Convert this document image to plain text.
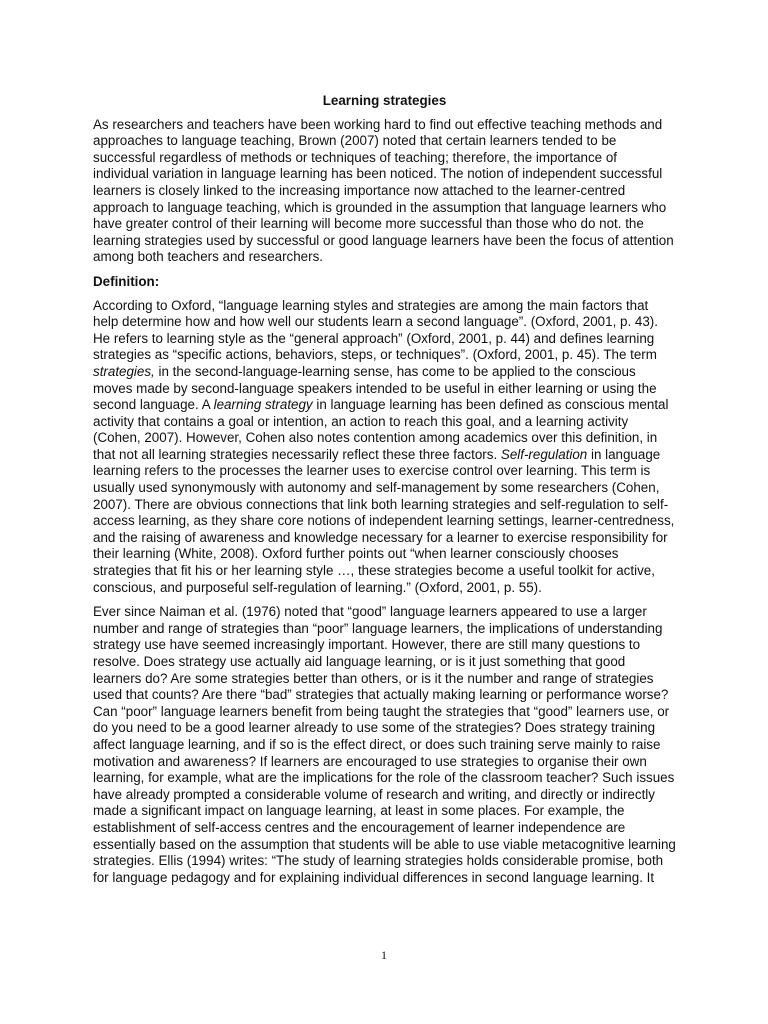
Learning strategies

As researchers and teachers have been working hard to find out effective teaching methods and approaches to language teaching, Brown (2007) noted that certain learners tended to be successful regardless of methods or techniques of teaching; therefore, the importance of individual variation in language learning has been noticed. The notion of independent successful learners is closely linked to the increasing importance now attached to the learner-centred approach to language teaching, which is grounded in the assumption that language learners who have greater control of their learning will become more successful than those who do not. the learning strategies used by successful or good language learners have been the focus of attention among both teachers and researchers.

Definition:

According to Oxford, “language learning styles and strategies are among the main factors that help determine how and how well our students learn a second language”. (Oxford, 2001, p. 43). He refers to learning style as the “general approach” (Oxford, 2001, p. 44) and defines learning strategies as “specific actions, behaviors, steps, or techniques”. (Oxford, 2001, p. 45). The term strategies, in the second-language-learning sense, has come to be applied to the conscious moves made by second-language speakers intended to be useful in either learning or using the second language. A learning strategy in language learning has been defined as conscious mental activity that contains a goal or intention, an action to reach this goal, and a learning activity (Cohen, 2007). However, Cohen also notes contention among academics over this definition, in that not all learning strategies necessarily reflect these three factors. Self-regulation in language learning refers to the processes the learner uses to exercise control over learning. This term is usually used synonymously with autonomy and self-management by some researchers (Cohen, 2007). There are obvious connections that link both learning strategies and self-regulation to self-access learning, as they share core notions of independent learning settings, learner-centredness, and the raising of awareness and knowledge necessary for a learner to exercise responsibility for their learning (White, 2008). Oxford further points out “when learner consciously chooses strategies that fit his or her learning style …, these strategies become a useful toolkit for active, conscious, and purposeful self-regulation of learning.” (Oxford, 2001, p. 55).

Ever since Naiman et al. (1976) noted that “good” language learners appeared to use a larger number and range of strategies than “poor” language learners, the implications of understanding strategy use have seemed increasingly important. However, there are still many questions to resolve. Does strategy use actually aid language learning, or is it just something that good learners do? Are some strategies better than others, or is it the number and range of strategies used that counts? Are there “bad” strategies that actually making learning or performance worse? Can “poor” language learners benefit from being taught the strategies that “good” learners use, or do you need to be a good learner already to use some of the strategies? Does strategy training affect language learning, and if so is the effect direct, or does such training serve mainly to raise motivation and awareness? If learners are encouraged to use strategies to organise their own learning, for example, what are the implications for the role of the classroom teacher? Such issues have already prompted a considerable volume of research and writing, and directly or indirectly made a significant impact on language learning, at least in some places. For example, the establishment of self-access centres and the encouragement of learner independence are essentially based on the assumption that students will be able to use viable metacognitive learning strategies. Ellis (1994) writes: “The study of learning strategies holds considerable promise, both for language pedagogy and for explaining individual differences in second language learning. It

1
